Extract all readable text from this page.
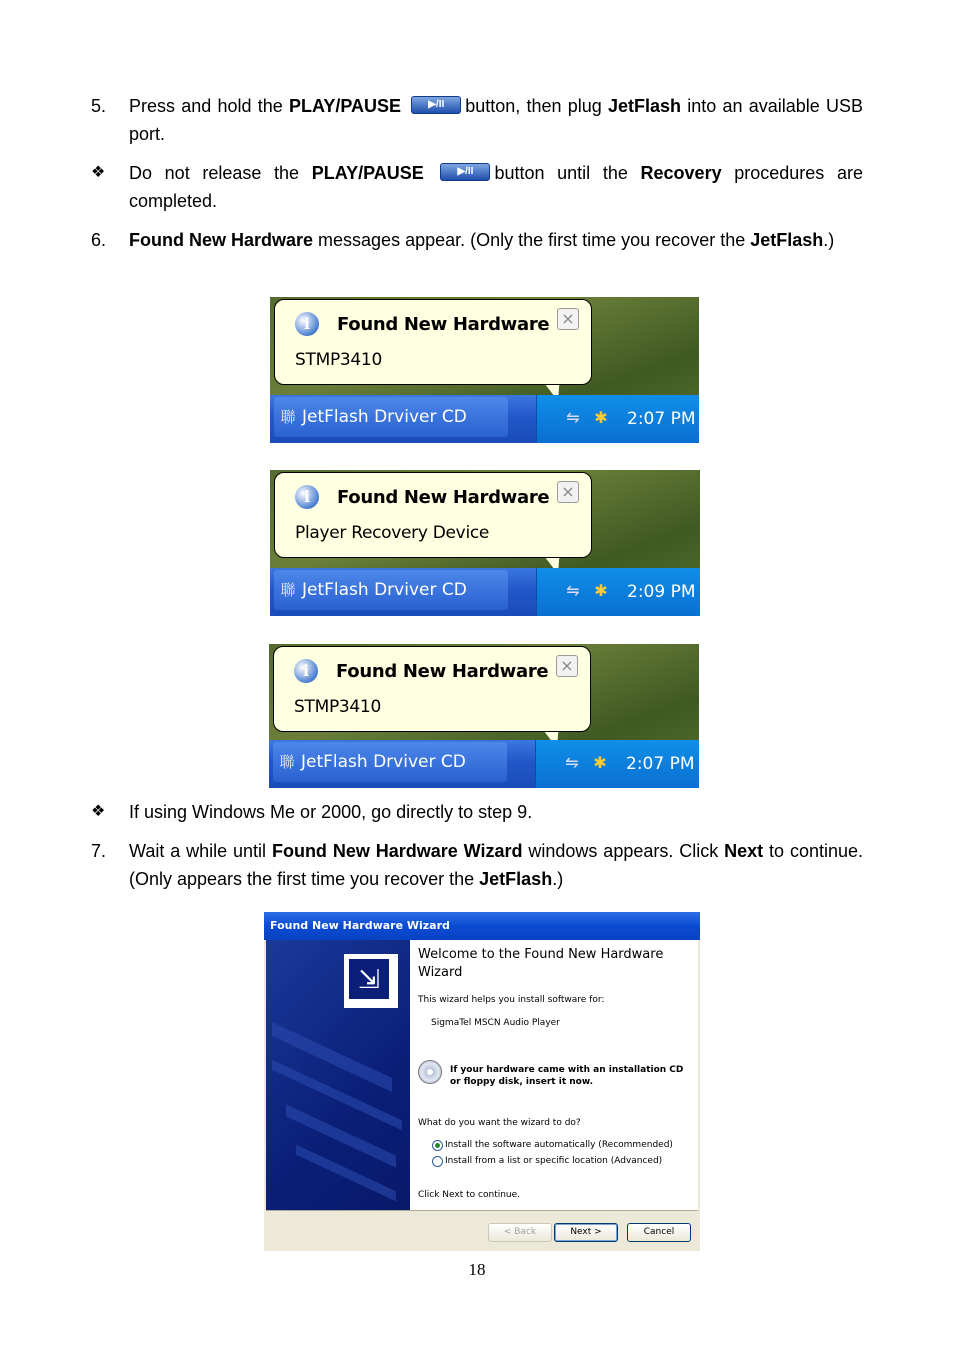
5. Press and hold the PLAY/PAUSE	▶/II button, then plug JetFlash into an available USB port.
❖ Do not release the PLAY/PAUSE	▶/II button until the Recovery procedures are completed.
6. Found New Hardware messages appear. (Only the first time you recover the JetFlash.)
i	Found New Hardware
STMP3410
×
聯 JetFlash Drviver CD	⇋ ✱ 2:07 PM
i	Found New Hardware
Player Recovery Device
×
聯 JetFlash Drviver CD	⇋ ✱ 2:09 PM
i	Found New Hardware
STMP3410
×
聯 JetFlash Drviver CD	⇋ ✱ 2:07 PM
❖ If using Windows Me or 2000, go directly to step 9.
7. Wait a while until Found New Hardware Wizard windows appears. Click Next to continue. (Only appears the first time you recover the JetFlash.)
Found New Hardware Wizard
⇲
Welcome to the Found New Hardware Wizard
This wizard helps you install software for:
SigmaTel MSCN Audio Player
If your hardware came with an installation CD
or floppy disk, insert it now.
What do you want the wizard to do?
Install the software automatically (Recommended)
Install from a list or specific location (Advanced)
Click Next to continue.
< Back	Next >	Cancel
18
